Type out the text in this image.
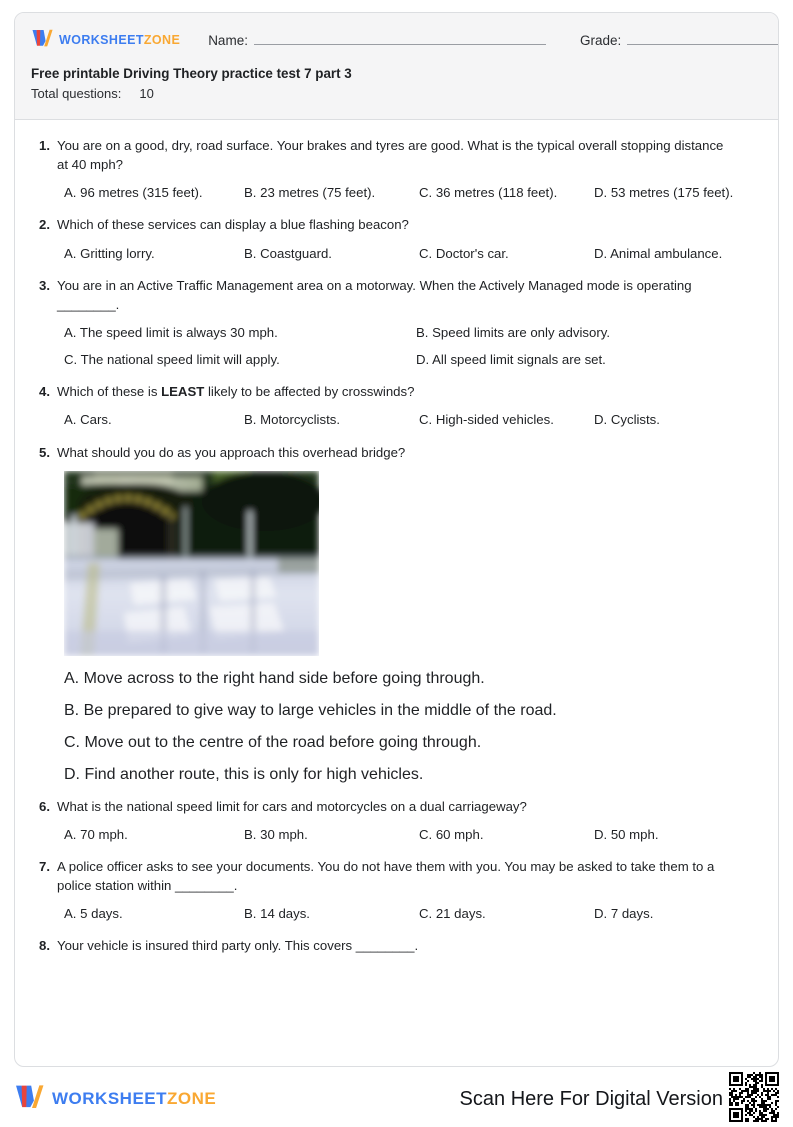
WORKSHEETZONE Name:	Grade:
Free printable Driving Theory practice test 7 part 3
Total questions: 10
1. You are on a good, dry, road surface. Your brakes and tyres are good. What is the typical overall stopping distance at 40 mph?
A. 96 metres (315 feet).	B. 23 metres (75 feet).	C. 36 metres (118 feet).	D. 53 metres (175 feet).
2. Which of these services can display a blue flashing beacon?
A. Gritting lorry.	B. Coastguard.	C. Doctor's car.	D. Animal ambulance.
3. You are in an Active Traffic Management area on a motorway. When the Actively Managed mode is operating ________.
A. The speed limit is always 30 mph.	B. Speed limits are only advisory.
C. The national speed limit will apply.	D. All speed limit signals are set.
4. Which of these is LEAST likely to be affected by crosswinds?
A. Cars.	B. Motorcyclists.	C. High-sided vehicles.	D. Cyclists.
5. What should you do as you approach this overhead bridge?
A. Move across to the right hand side before going through.
B. Be prepared to give way to large vehicles in the middle of the road.
C. Move out to the centre of the road before going through.
D. Find another route, this is only for high vehicles.
6. What is the national speed limit for cars and motorcycles on a dual carriageway?
A. 70 mph.	B. 30 mph.	C. 60 mph.	D. 50 mph.
7. A police officer asks to see your documents. You do not have them with you. You may be asked to take them to a police station within ________.
A. 5 days.	B. 14 days.	C. 21 days.	D. 7 days.
8. Your vehicle is insured third party only. This covers ________.
WORKSHEETZONE	Scan Here For Digital Version
